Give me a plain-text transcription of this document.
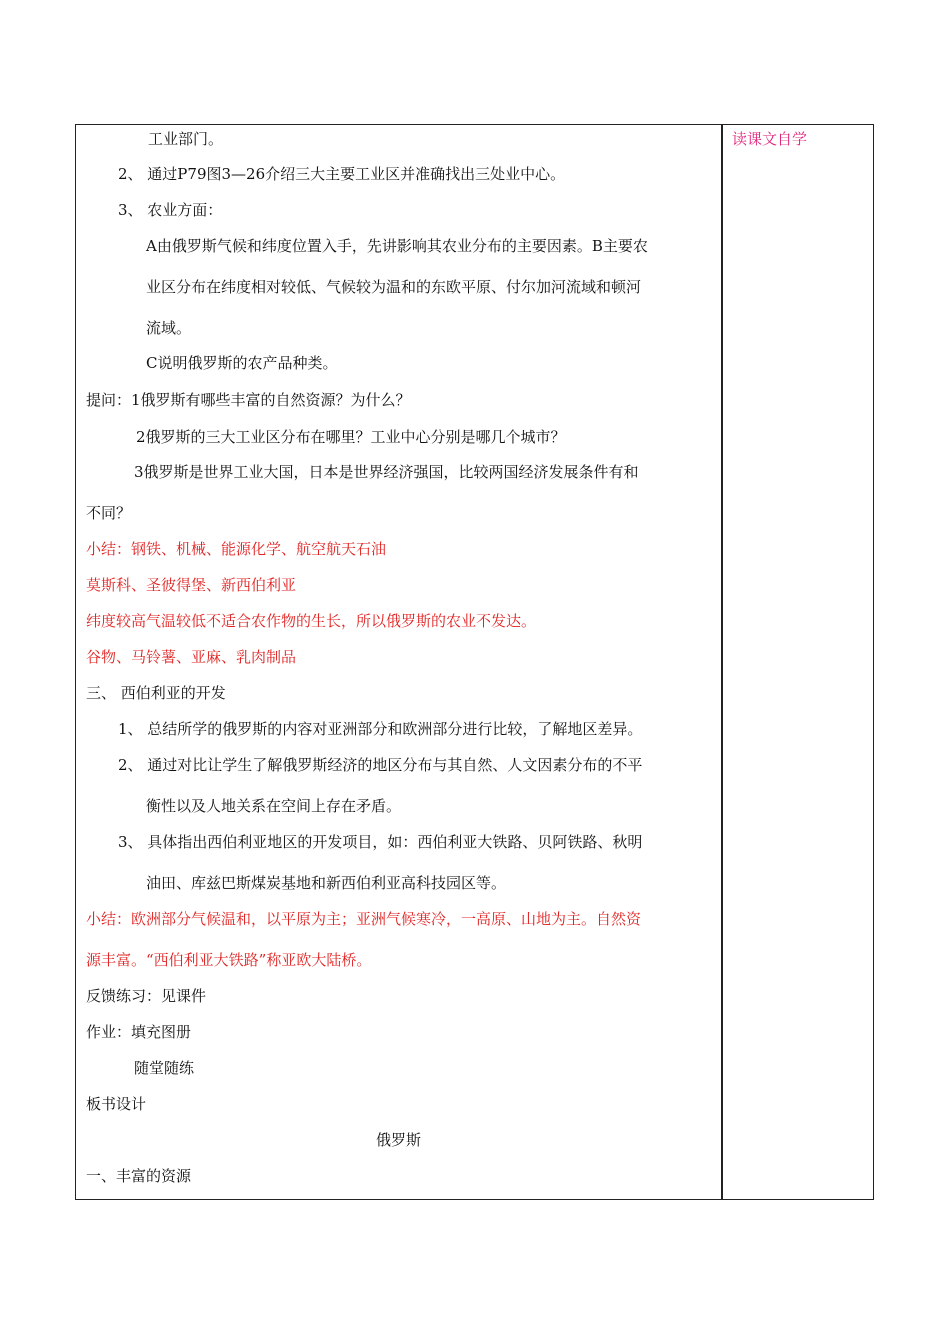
读课文自学
工业部门。
2、 通过P79图3—26介绍三大主要工业区并准确找出三处业中心。
3、 农业方面：
A由俄罗斯气候和纬度位置入手，先讲影响其农业分布的主要因素。B主要农
业区分布在纬度相对较低、气候较为温和的东欧平原、付尔加河流域和顿河
流域。
C说明俄罗斯的农产品种类。
提问：1俄罗斯有哪些丰富的自然资源？为什么？
2俄罗斯的三大工业区分布在哪里？工业中心分别是哪几个城市？
3俄罗斯是世界工业大国，日本是世界经济强国，比较两国经济发展条件有和
不同？
小结：钢铁、机械、能源化学、航空航天石油
莫斯科、圣彼得堡、新西伯利亚
纬度较高气温较低不适合农作物的生长，所以俄罗斯的农业不发达。
谷物、马铃薯、亚麻、乳肉制品
三、 西伯利亚的开发
1、 总结所学的俄罗斯的内容对亚洲部分和欧洲部分进行比较，了解地区差异。
2、 通过对比让学生了解俄罗斯经济的地区分布与其自然、人文因素分布的不平
衡性以及人地关系在空间上存在矛盾。
3、 具体指出西伯利亚地区的开发项目，如：西伯利亚大铁路、贝阿铁路、秋明
油田、库兹巴斯煤炭基地和新西伯利亚高科技园区等。
小结：欧洲部分气候温和，以平原为主；亚洲气候寒冷，一高原、山地为主。自然资
源丰富。“西伯利亚大铁路”称亚欧大陆桥。
反馈练习：见课件
作业：填充图册
随堂随练
板书设计
俄罗斯
一、丰富的资源
